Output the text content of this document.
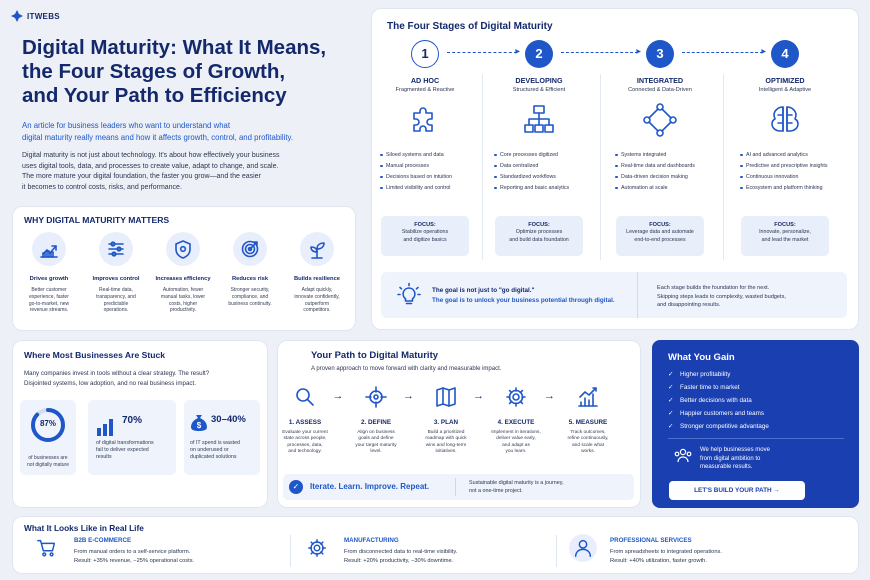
ITWEBS
Digital Maturity: What It Means,
the Four Stages of Growth,
and Your Path to Efficiency
An article for business leaders who want to understand what
digital maturity really means and how it affects growth, control, and profitability.
Digital maturity is not just about technology. It's about how effectively your business
uses digital tools, data, and processes to create value, adapt to change, and scale.
The more mature your digital foundation, the faster you grow—and the easier
it becomes to control costs, risks, and performance.
WHY DIGITAL MATURITY MATTERS
Drives growth
Better customer
experience, faster
go-to-market, new
revenue streams.
Improves control
Real-time data,
transparency, and
predictable
operations.
Increases efficiency
Automation, fewer
manual tasks, lower
costs, higher
productivity.
Reduces risk
Stronger security,
compliance, and
business continuity.
Builds resilience
Adapt quickly,
innovate confidently,
outperform
competitors.
The Four Stages of Digital Maturity
1
AD HOC
Fragmented & Reactive
Siloed systems and data
Manual processes
Decisions based on intuition
Limited visibility and control
FOCUS:
Stabilize operations
and digitize basics
▶	2
DEVELOPING
Structured & Efficient
Core processes digitized
Data centralized
Standardized workflows
Reporting and basic analytics
FOCUS:
Optimize processes
and build data foundation
▶	3
INTEGRATED
Connected & Data-Driven
Systems integrated
Real-time data and dashboards
Data-driven decision making
Automation at scale
FOCUS:
Leverage data and automate
end-to-end processes
▶	4
OPTIMIZED
Intelligent & Adaptive
AI and advanced analytics
Predictive and prescriptive insights
Continuous innovation
Ecosystem and platform thinking
FOCUS:
Innovate, personalize,
and lead the market
The goal is not just to "go digital."
The goal is to unlock your business potential through digital.
Each stage builds the foundation for the next.
Skipping steps leads to complexity, wasted budgets,
and disappointing results.
Where Most Businesses Are Stuck
Many companies invest in tools without a clear strategy. The result?
Disjointed systems, low adoption, and no real business impact.
87%
of businesses are
not digitally mature
70%
of digital transformations
fail to deliver expected
results
$
30–40%
of IT spend is wasted
on underused or
duplicated solutions
Your Path to Digital Maturity
A proven approach to move forward with clarity and measurable impact.
1. ASSESS
Evaluate your current
state across people,
processes, data,
and technology.
→
2. DEFINE
Align on business
goals and define
your target maturity
level.
→
3. PLAN
Build a prioritized
roadmap with quick
wins and long-term
initiatives.
→
4. EXECUTE
Implement in iterations,
deliver value early,
and adapt as
you learn.
→
5. MEASURE
Track outcomes,
refine continuously,
and scale what
works.
✓	Iterate. Learn. Improve. Repeat.	Sustainable digital maturity is a journey,
not a one-time project.
What You Gain
✓ Higher profitability
✓ Faster time to market
✓ Better decisions with data
✓ Happier customers and teams
✓ Stronger competitive advantage
We help businesses move
from digital ambition to
measurable results.
LET'S BUILD YOUR PATH →
What It Looks Like in Real Life
B2B E-COMMERCE
From manual orders to a self-service platform.
Result: +35% revenue, −25% operational costs.
MANUFACTURING
From disconnected data to real-time visibility.
Result: +20% productivity, −30% downtime.
PROFESSIONAL SERVICES
From spreadsheets to integrated operations.
Result: +40% utilization, faster growth.
